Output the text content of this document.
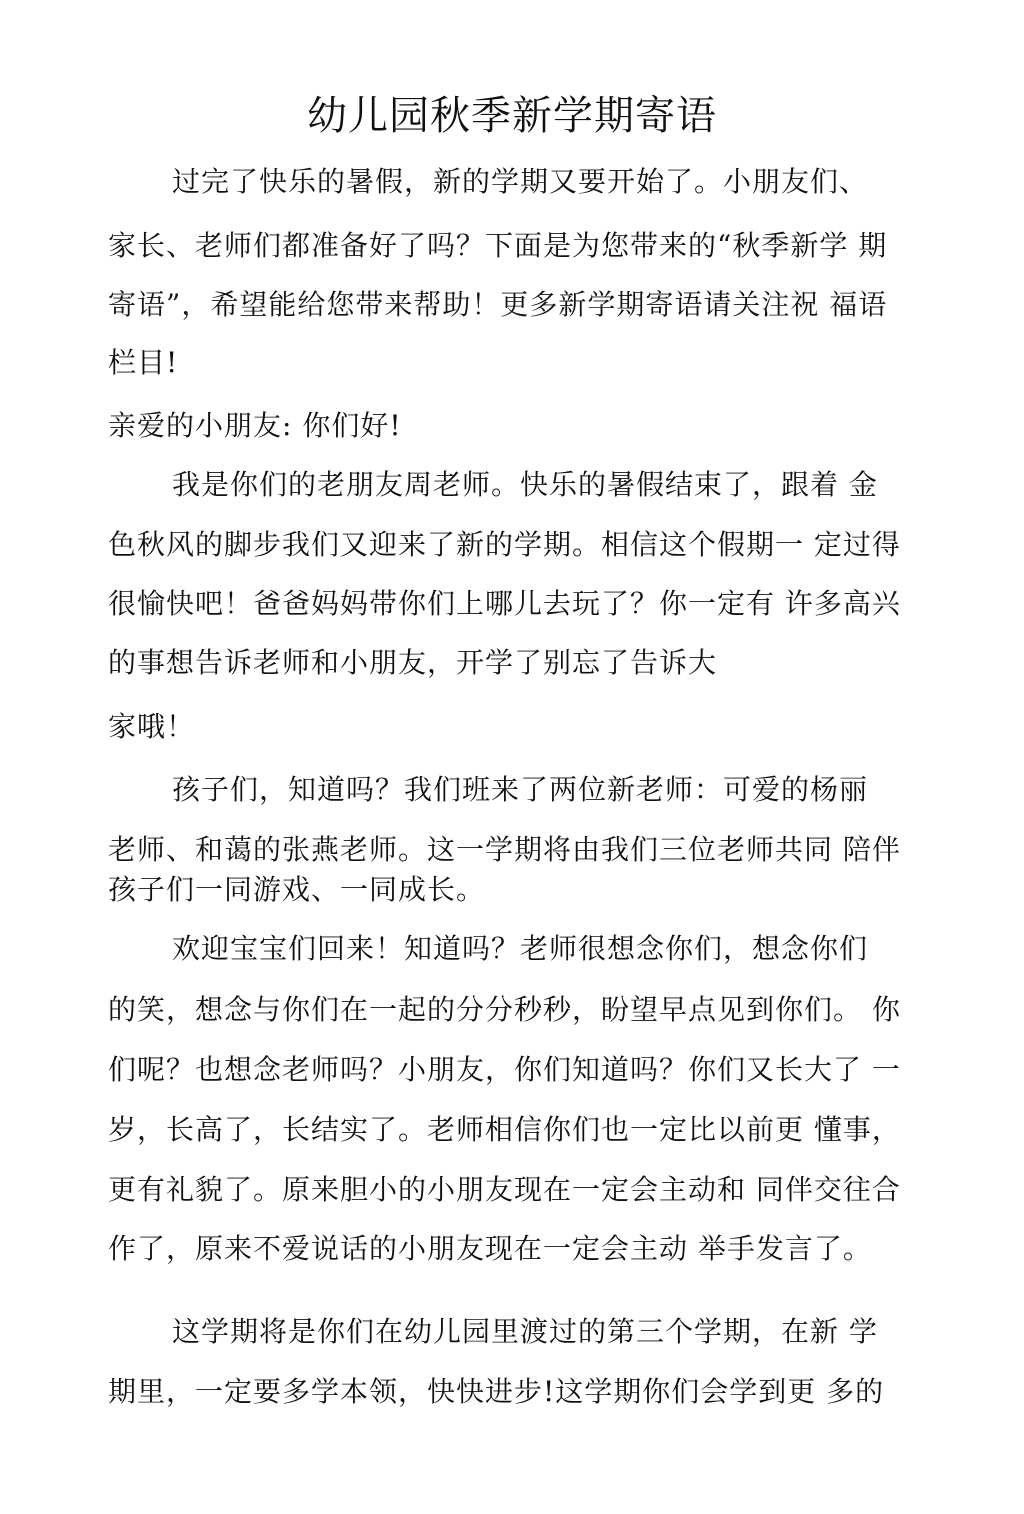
幼儿园秋季新学期寄语
过完了快乐的暑假，新的学期又要开始了。小朋友们、
家长、老师们都准备好了吗？下面是为您带来的“秋季新学 期
寄语”，希望能给您带来帮助！更多新学期寄语请关注祝 福语
栏目!
亲爱的小朋友: 你们好!
我是你们的老朋友周老师。快乐的暑假结束了，跟着 金
色秋风的脚步我们又迎来了新的学期。相信这个假期一 定过得
很愉快吧！爸爸妈妈带你们上哪儿去玩了？你一定有 许多高兴
的事想告诉老师和小朋友，开学了别忘了告诉大
家哦！
孩子们，知道吗？我们班来了两位新老师：可爱的杨丽
老师、和蔼的张燕老师。这一学期将由我们三位老师共同 陪伴
孩子们一同游戏、一同成长。
欢迎宝宝们回来！知道吗？老师很想念你们，想念你们
的笑，想念与你们在一起的分分秒秒，盼望早点见到你们。 你
们呢？也想念老师吗？小朋友，你们知道吗？你们又长大了 一
岁，长高了，长结实了。老师相信你们也一定比以前更 懂事，
更有礼貌了。原来胆小的小朋友现在一定会主动和 同伴交往合
作了，原来不爱说话的小朋友现在一定会主动 举手发言了。
这学期将是你们在幼儿园里渡过的第三个学期，在新 学
期里，一定要多学本领，快快进步!这学期你们会学到更 多的
